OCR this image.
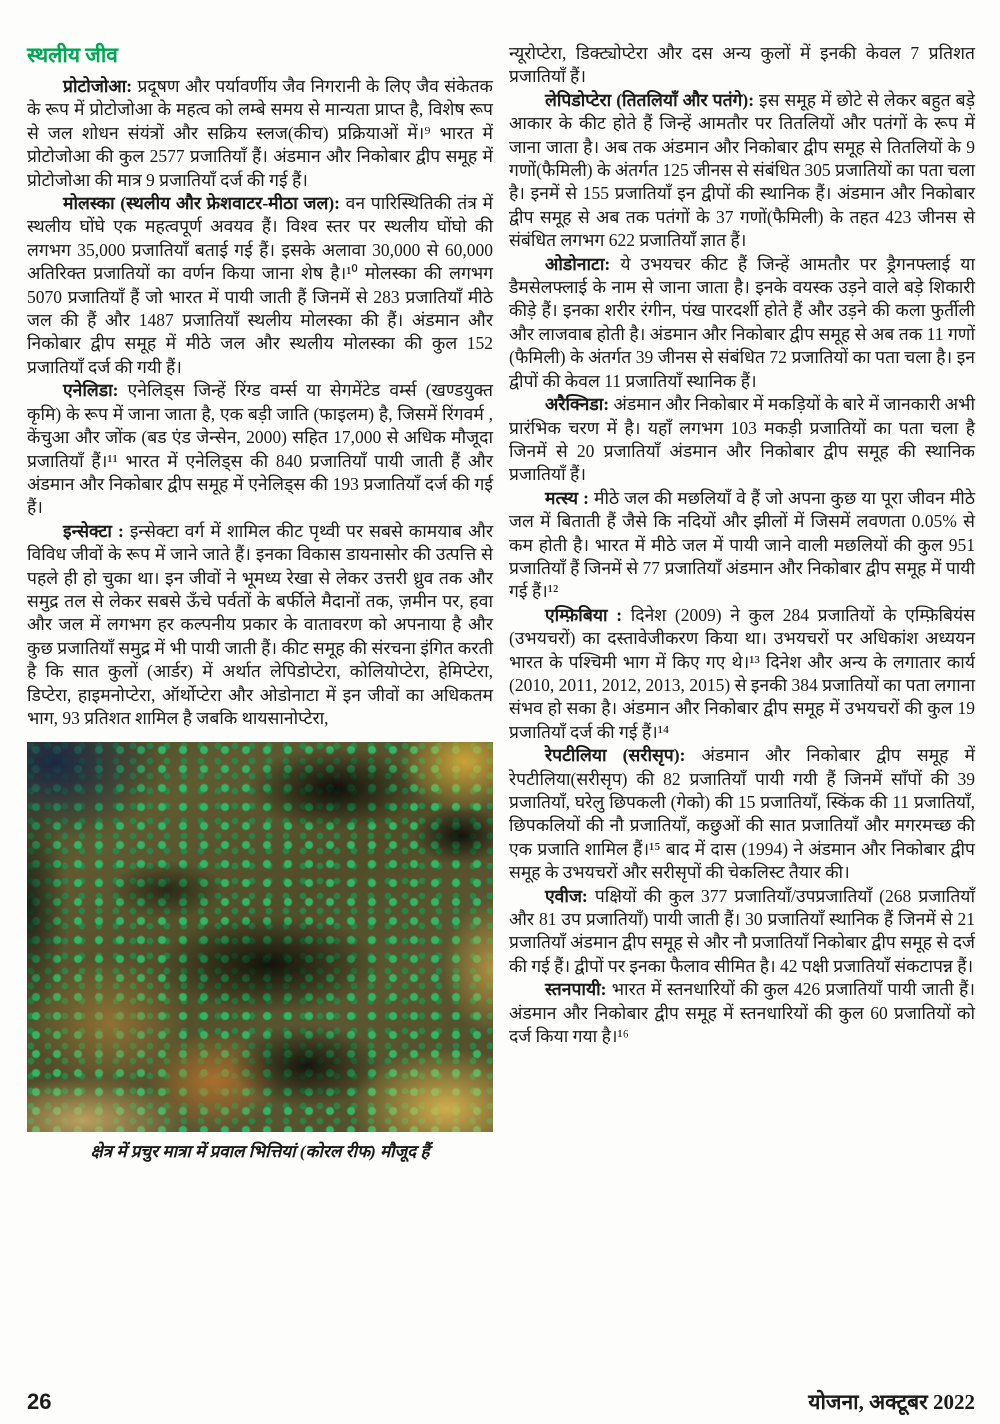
स्थलीय जीव

प्रोटोजोआ: प्रदूषण और पर्यावर्णीय जैव निगरानी के लिए जैव संकेतक के रूप में प्रोटोजोआ के महत्व को लम्बे समय से मान्यता प्राप्त है, विशेष रूप से जल शोधन संयंत्रों और सक्रिय स्लज(कीच) प्रक्रियाओं में।⁹ भारत में प्रोटोजोआ की कुल 2577 प्रजातियाँ हैं। अंडमान और निकोबार द्वीप समूह में प्रोटोजोआ की मात्र 9 प्रजातियाँ दर्ज की गई हैं।

मोलस्का (स्थलीय और फ्रेशवाटर-मीठा जल): वन पारिस्थितिकी तंत्र में स्थलीय घोंघे एक महत्वपूर्ण अवयव हैं। विश्व स्तर पर स्थलीय घोंघो की लगभग 35,000 प्रजातियाँ बताई गई हैं। इसके अलावा 30,000 से 60,000 अतिरिक्त प्रजातियों का वर्णन किया जाना शेष है।¹⁰ मोलस्का की लगभग 5070 प्रजातियाँ हैं जो भारत में पायी जाती हैं जिनमें से 283 प्रजातियाँ मीठे जल की हैं और 1487 प्रजातियाँ स्थलीय मोलस्का की हैं। अंडमान और निकोबार द्वीप समूह में मीठे जल और स्थलीय मोलस्का की कुल 152 प्रजातियाँ दर्ज की गयी हैं।

एनेलिडा: एनेलिड्स जिन्हें रिंग्ड वर्म्स या सेगमेंटेड वर्म्स (खण्डयुक्त कृमि) के रूप में जाना जाता है, एक बड़ी जाति (फाइलम) है, जिसमें रिंगवर्म , केंचुआ और जोंक (बड एंड जेन्सेन, 2000) सहित 17,000 से अधिक मौजूदा प्रजातियाँ हैं।¹¹ भारत में एनेलिड्स की 840 प्रजातियाँ पायी जाती हैं और अंडमान और निकोबार द्वीप समूह में एनेलिड्स की 193 प्रजातियाँ दर्ज की गई हैं।

इन्सेक्टा : इन्सेक्टा वर्ग में शामिल कीट पृथ्वी पर सबसे कामयाब और विविध जीवों के रूप में जाने जाते हैं। इनका विकास डायनासोर की उत्पत्ति से पहले ही हो चुका था। इन जीवों ने भूमध्य रेखा से लेकर उत्तरी ध्रुव तक और समुद्र तल से लेकर सबसे ऊँचे पर्वतों के बर्फीले मैदानों तक, ज़मीन पर, हवा और जल में लगभग हर कल्पनीय प्रकार के वातावरण को अपनाया है और कुछ प्रजातियाँ समुद्र में भी पायी जाती हैं। कीट समूह की संरचना इंगित करती है कि सात कुलों (आर्डर) में अर्थात लेपिडोप्टेरा, कोलियोप्टेरा, हेमिप्टेरा, डिप्टेरा, हाइमनोप्टेरा, ऑर्थोप्टेरा और ओडोनाटा में इन जीवों का अधिकतम भाग, 93 प्रतिशत शामिल है जबकि थायसानोप्टेरा,

क्षेत्र में प्रचुर मात्रा में प्रवाल भित्तियां (कोरल रीफ) मौजूद हैं

न्यूरोप्टेरा, डिक्ट्योप्टेरा और दस अन्य कुलों में इनकी केवल 7 प्रतिशत प्रजातियाँ हैं।

लेपिडोप्टेरा (तितलियाँ और पतंगे): इस समूह में छोटे से लेकर बहुत बड़े आकार के कीट होते हैं जिन्हें आमतौर पर तितलियों और पतंगों के रूप में जाना जाता है। अब तक अंडमान और निकोबार द्वीप समूह से तितलियों के 9 गणों(फैमिली) के अंतर्गत 125 जीनस से संबंधित 305 प्रजातियों का पता चला है। इनमें से 155 प्रजातियाँ इन द्वीपों की स्थानिक हैं। अंडमान और निकोबार द्वीप समूह से अब तक पतंगों के 37 गणों(फैमिली) के तहत 423 जीनस से संबंधित लगभग 622 प्रजातियाँ ज्ञात हैं।

ओडोनाटा: ये उभयचर कीट हैं जिन्हें आमतौर पर ड्रैगनफ्लाई या डैमसेलफ्लाई के नाम से जाना जाता है। इनके वयस्क उड़ने वाले बड़े शिकारी कीड़े हैं। इनका शरीर रंगीन, पंख पारदर्शी होते हैं और उड़ने की कला फुर्तीली और लाजवाब होती है। अंडमान और निकोबार द्वीप समूह से अब तक 11 गणों (फैमिली) के अंतर्गत 39 जीनस से संबंधित 72 प्रजातियों का पता चला है। इन द्वीपों की केवल 11 प्रजातियाँ स्थानिक हैं।

अरैक्निडा: अंडमान और निकोबार में मकड़ियों के बारे में जानकारी अभी प्रारंभिक चरण में है। यहाँ लगभग 103 मकड़ी प्रजातियों का पता चला है जिनमें से 20 प्रजातियाँ अंडमान और निकोबार द्वीप समूह की स्थानिक प्रजातियाँ हैं।

मत्स्य : मीठे जल की मछलियाँ वे हैं जो अपना कुछ या पूरा जीवन मीठे जल में बिताती हैं जैसे कि नदियों और झीलों में जिसमें लवणता 0.05% से कम होती है। भारत में मीठे जल में पायी जाने वाली मछलियों की कुल 951 प्रजातियाँ हैं जिनमें से 77 प्रजातियाँ अंडमान और निकोबार द्वीप समूह में पायी गई हैं।¹²

एम्फ़िबिया : दिनेश (2009) ने कुल 284 प्रजातियों के एम्फ़िबियंस (उभयचरों) का दस्तावेजीकरण किया था। उभयचरों पर अधिकांश अध्ययन भारत के पश्चिमी भाग में किए गए थे।¹³ दिनेश और अन्य के लगातार कार्य (2010, 2011, 2012, 2013, 2015) से इनकी 384 प्रजातियों का पता लगाना संभव हो सका है। अंडमान और निकोबार द्वीप समूह में उभयचरों की कुल 19 प्रजातियाँ दर्ज की गई हैं।¹⁴

रेपटीलिया (सरीसृप): अंडमान और निकोबार द्वीप समूह में रेपटीलिया(सरीसृप) की 82 प्रजातियाँ पायी गयी हैं जिनमें साँपों की 39 प्रजातियाँ, घरेलु छिपकली (गेको) की 15 प्रजातियाँ, स्किंक की 11 प्रजातियाँ, छिपकलियों की नौ प्रजातियाँ, कछुओं की सात प्रजातियाँ और मगरमच्छ की एक प्रजाति शामिल हैं।¹⁵ बाद में दास (1994) ने अंडमान और निकोबार द्वीप समूह के उभयचरों और सरीसृपों की चेकलिस्ट तैयार की।

एवीज: पक्षियों की कुल 377 प्रजातियाँ/उपप्रजातियाँ (268 प्रजातियाँ और 81 उप प्रजातियाँ) पायी जाती हैं। 30 प्रजातियाँ स्थानिक हैं जिनमें से 21 प्रजातियाँ अंडमान द्वीप समूह से और नौ प्रजातियाँ निकोबार द्वीप समूह से दर्ज की गई हैं। द्वीपों पर इनका फैलाव सीमित है। 42 पक्षी प्रजातियाँ संकटापन्न हैं।

स्तनपायी: भारत में स्तनधारियों की कुल 426 प्रजातियाँ पायी जाती हैं। अंडमान और निकोबार द्वीप समूह में स्तनधारियों की कुल 60 प्रजातियों को दर्ज किया गया है।¹⁶

26	योजना, अक्टूबर 2022
